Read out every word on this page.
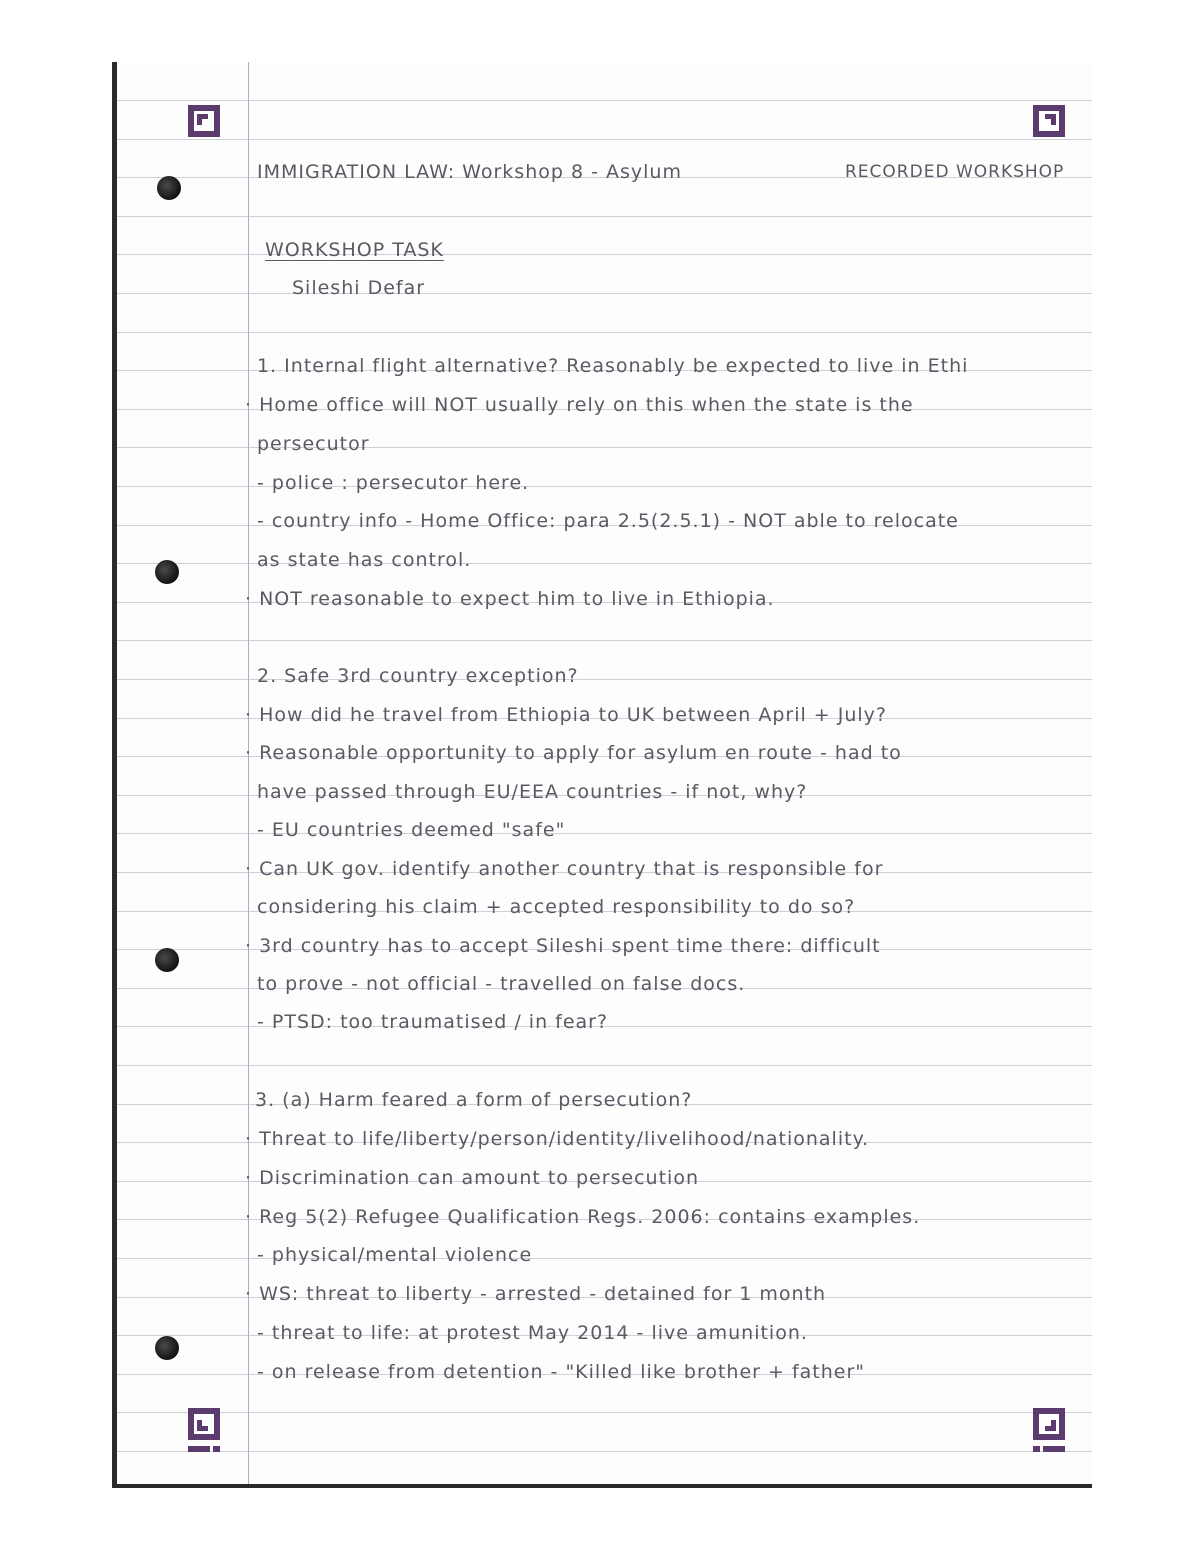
IMMIGRATION LAW: Workshop 8 - Asylum	RECORDED WORKSHOP
WORKSHOP TASK
Sileshi Defar
1. Internal flight alternative? Reasonably be expected to live in Ethi
· Home office will NOT usually rely on this when the state is the
persecutor
- police : persecutor here.
- country info - Home Office: para 2.5(2.5.1) - NOT able to relocate
as state has control.
· NOT reasonable to expect him to live in Ethiopia.
2. Safe 3rd country exception?
· How did he travel from Ethiopia to UK between April + July?
· Reasonable opportunity to apply for asylum en route - had to
have passed through EU/EEA countries - if not, why?
- EU countries deemed "safe"
· Can UK gov. identify another country that is responsible for
considering his claim + accepted responsibility to do so?
· 3rd country has to accept Sileshi spent time there: difficult
to prove - not official - travelled on false docs.
- PTSD: too traumatised / in fear?
3. (a) Harm feared a form of persecution?
· Threat to life/liberty/person/identity/livelihood/nationality.
· Discrimination can amount to persecution
· Reg 5(2) Refugee Qualification Regs. 2006: contains examples.
- physical/mental violence
· WS: threat to liberty - arrested - detained for 1 month
- threat to life: at protest May 2014 - live amunition.
- on release from detention - "Killed like brother + father"
